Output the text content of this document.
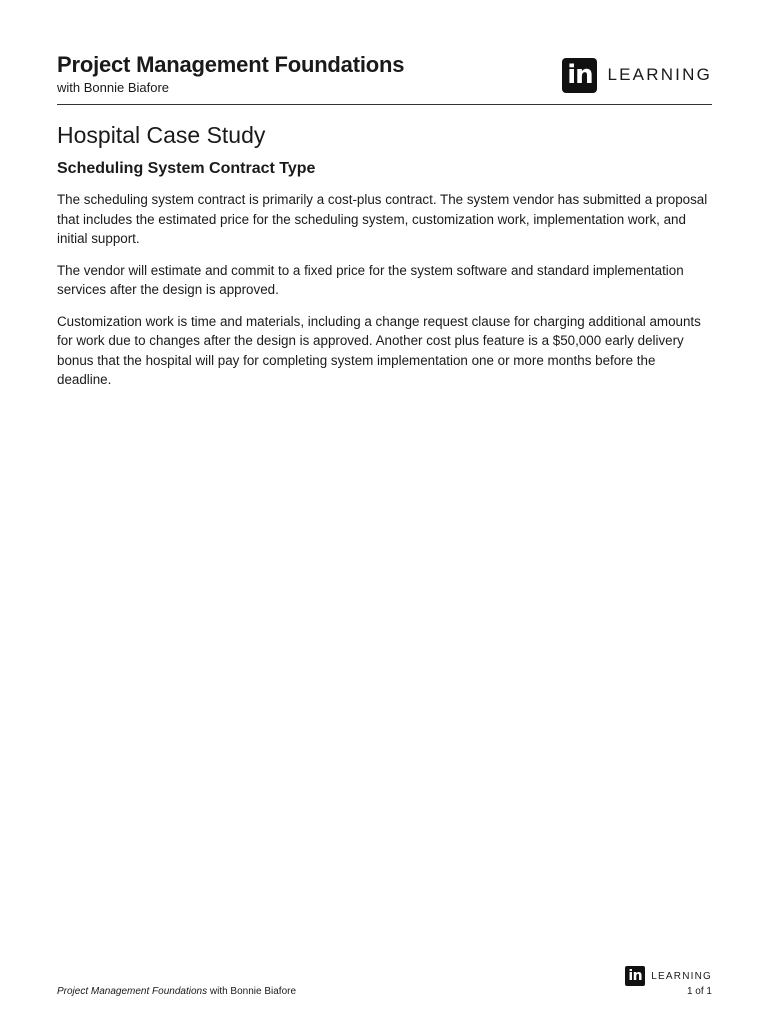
Project Management Foundations
with Bonnie Biafore	in LEARNING
Hospital Case Study
Scheduling System Contract Type

The scheduling system contract is primarily a cost-plus contract. The system vendor has submitted a proposal that includes the estimated price for the scheduling system, customization work, implementation work, and initial support.

The vendor will estimate and commit to a fixed price for the system software and standard implementation services after the design is approved.

Customization work is time and materials, including a change request clause for charging additional amounts for work due to changes after the design is approved. Another cost plus feature is a $50,000 early delivery bonus that the hospital will pay for completing system implementation one or more months before the deadline.

in LEARNING
Project Management Foundations with Bonnie Biafore	1 of 1
